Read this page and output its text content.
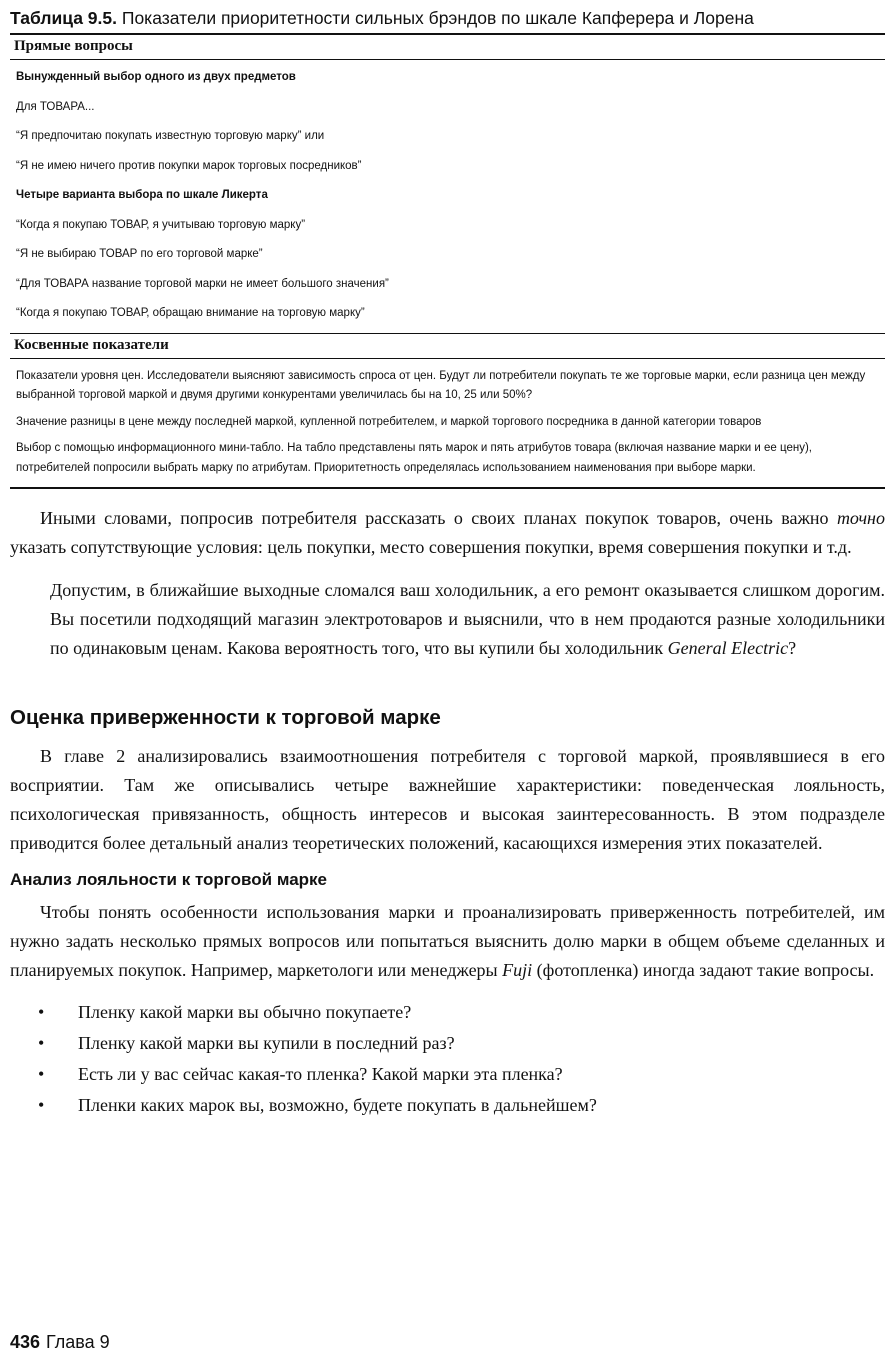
Таблица 9.5. Показатели приоритетности сильных брэндов по шкале Капферера и Лорена
Прямые вопросы
Вынужденный выбор одного из двух предметов
Для ТОВАРА...
“Я предпочитаю покупать известную торговую марку” или
“Я не имею ничего против покупки марок торговых посредников”
Четыре варианта выбора по шкале Ликерта
“Когда я покупаю ТОВАР, я учитываю торговую марку”
“Я не выбираю ТОВАР по его торговой марке”
“Для ТОВАРА название торговой марки не имеет большого значения”
“Когда я покупаю ТОВАР, обращаю внимание на торговую марку”
Косвенные показатели
Показатели уровня цен. Исследователи выясняют зависимость спроса от цен. Будут ли потребители покупать те же торговые марки, если разница цен между выбранной торговой маркой и двумя другими конкурентами увеличилась бы на 10, 25 или 50%?
Значение разницы в цене между последней маркой, купленной потребителем, и маркой торгового посредника в данной категории товаров
Выбор с помощью информационного мини-табло. На табло представлены пять марок и пять атрибутов товара (включая название марки и ее цену), потребителей попросили выбрать марку по атрибутам. Приоритетность определялась использованием наименования при выборе марки.

Иными словами, попросив потребителя рассказать о своих планах покупок товаров, очень важно точно указать сопутствующие условия: цель покупки, место совершения покупки, время совершения покупки и т.д.

Допустим, в ближайшие выходные сломался ваш холодильник, а его ремонт оказывается слишком дорогим. Вы посетили подходящий магазин электротоваров и выяснили, что в нем продаются разные холодильники по одинаковым ценам. Какова вероятность того, что вы купили бы холодильник General Electric?

Оценка приверженности к торговой марке

В главе 2 анализировались взаимоотношения потребителя с торговой маркой, проявлявшиеся в его восприятии. Там же описывались четыре важнейшие характеристики: поведенческая лояльность, психологическая привязанность, общность интересов и высокая заинтересованность. В этом подразделе приводится более детальный анализ теоретических положений, касающихся измерения этих показателей.

Анализ лояльности к торговой марке

Чтобы понять особенности использования марки и проанализировать приверженность потребителей, им нужно задать несколько прямых вопросов или попытаться выяснить долю марки в общем объеме сделанных и планируемых покупок. Например, маркетологи или менеджеры Fuji (фотопленка) иногда задают такие вопросы.

• Пленку какой марки вы обычно покупаете?
• Пленку какой марки вы купили в последний раз?
• Есть ли у вас сейчас какая-то пленка? Какой марки эта пленка?
• Пленки каких марок вы, возможно, будете покупать в дальнейшем?
436 Глава 9
